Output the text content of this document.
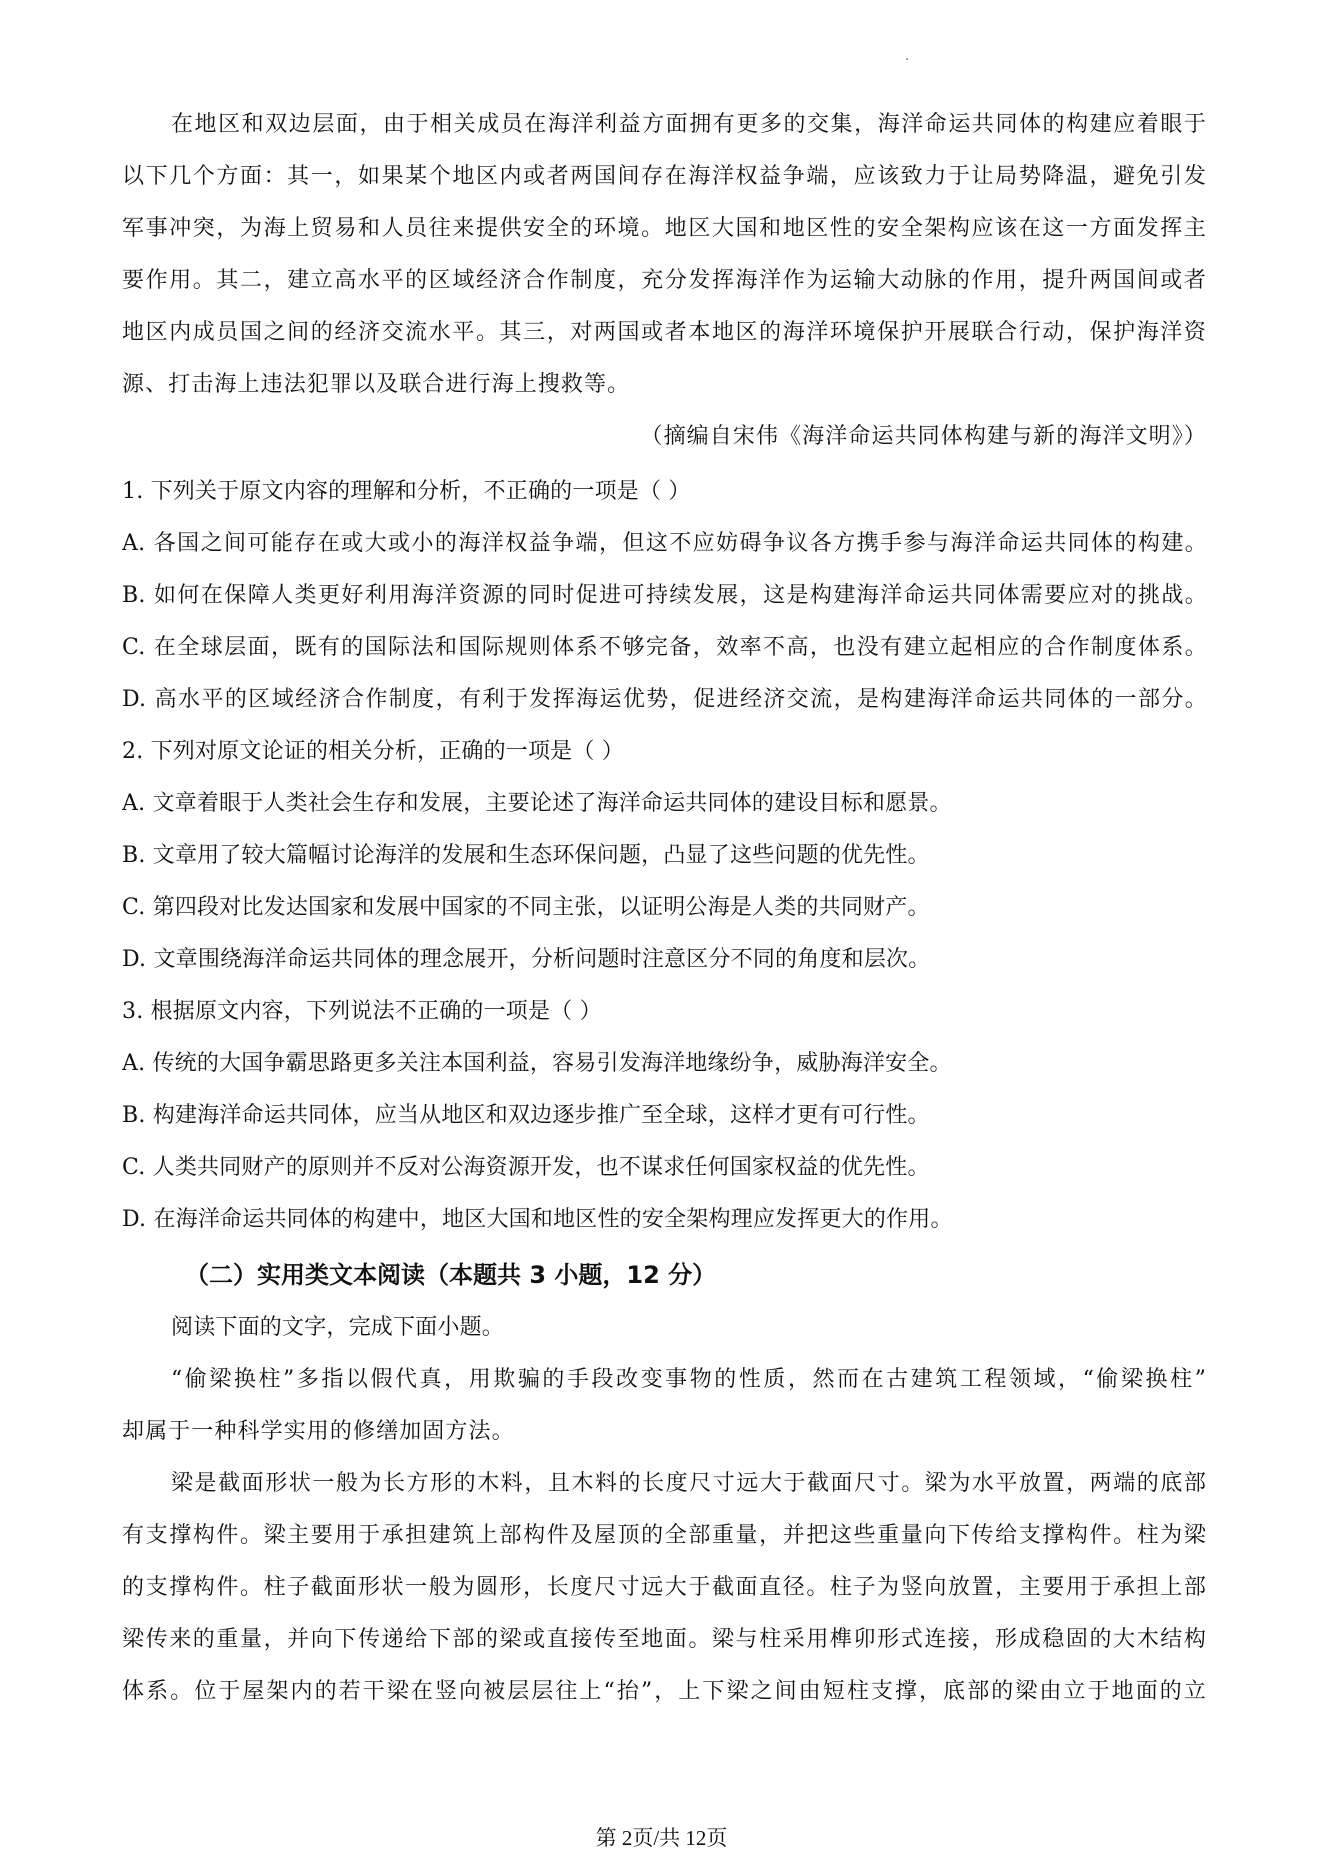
在地区和双边层面，由于相关成员在海洋利益方面拥有更多的交集，海洋命运共同体的构建应着眼于
以下几个方面：其一，如果某个地区内或者两国间存在海洋权益争端，应该致力于让局势降温，避免引发
军事冲突，为海上贸易和人员往来提供安全的环境。地区大国和地区性的安全架构应该在这一方面发挥主
要作用。其二，建立高水平的区域经济合作制度，充分发挥海洋作为运输大动脉的作用，提升两国间或者
地区内成员国之间的经济交流水平。其三，对两国或者本地区的海洋环境保护开展联合行动，保护海洋资
源、打击海上违法犯罪以及联合进行海上搜救等。
（摘编自宋伟《海洋命运共同体构建与新的海洋文明》）
1. 下列关于原文内容的理解和分析，不正确的一项是（ ）
A. 各国之间可能存在或大或小的海洋权益争端，但这不应妨碍争议各方携手参与海洋命运共同体的构建。
B. 如何在保障人类更好利用海洋资源的同时促进可持续发展，这是构建海洋命运共同体需要应对的挑战。
C. 在全球层面，既有的国际法和国际规则体系不够完备，效率不高，也没有建立起相应的合作制度体系。
D. 高水平的区域经济合作制度，有利于发挥海运优势，促进经济交流，是构建海洋命运共同体的一部分。
2. 下列对原文论证的相关分析，正确的一项是（ ）
A. 文章着眼于人类社会生存和发展，主要论述了海洋命运共同体的建设目标和愿景。
B. 文章用了较大篇幅讨论海洋的发展和生态环保问题，凸显了这些问题的优先性。
C. 第四段对比发达国家和发展中国家的不同主张，以证明公海是人类的共同财产。
D. 文章围绕海洋命运共同体的理念展开，分析问题时注意区分不同的角度和层次。
3. 根据原文内容，下列说法不正确的一项是（ ）
A. 传统的大国争霸思路更多关注本国利益，容易引发海洋地缘纷争，威胁海洋安全。
B. 构建海洋命运共同体，应当从地区和双边逐步推广至全球，这样才更有可行性。
C. 人类共同财产的原则并不反对公海资源开发，也不谋求任何国家权益的优先性。
D. 在海洋命运共同体的构建中，地区大国和地区性的安全架构理应发挥更大的作用。
（二）实用类文本阅读（本题共 3 小题，12 分）
阅读下面的文字，完成下面小题。
“偷梁换柱”多指以假代真，用欺骗的手段改变事物的性质，然而在古建筑工程领域，“偷梁换柱”
却属于一种科学实用的修缮加固方法。
梁是截面形状一般为长方形的木料，且木料的长度尺寸远大于截面尺寸。梁为水平放置，两端的底部
有支撑构件。梁主要用于承担建筑上部构件及屋顶的全部重量，并把这些重量向下传给支撑构件。柱为梁
的支撑构件。柱子截面形状一般为圆形，长度尺寸远大于截面直径。柱子为竖向放置，主要用于承担上部
梁传来的重量，并向下传递给下部的梁或直接传至地面。梁与柱采用榫卯形式连接，形成稳固的大木结构
体系。位于屋架内的若干梁在竖向被层层往上“抬”，上下梁之间由短柱支撑，底部的梁由立于地面的立
第 2页/共 12页
